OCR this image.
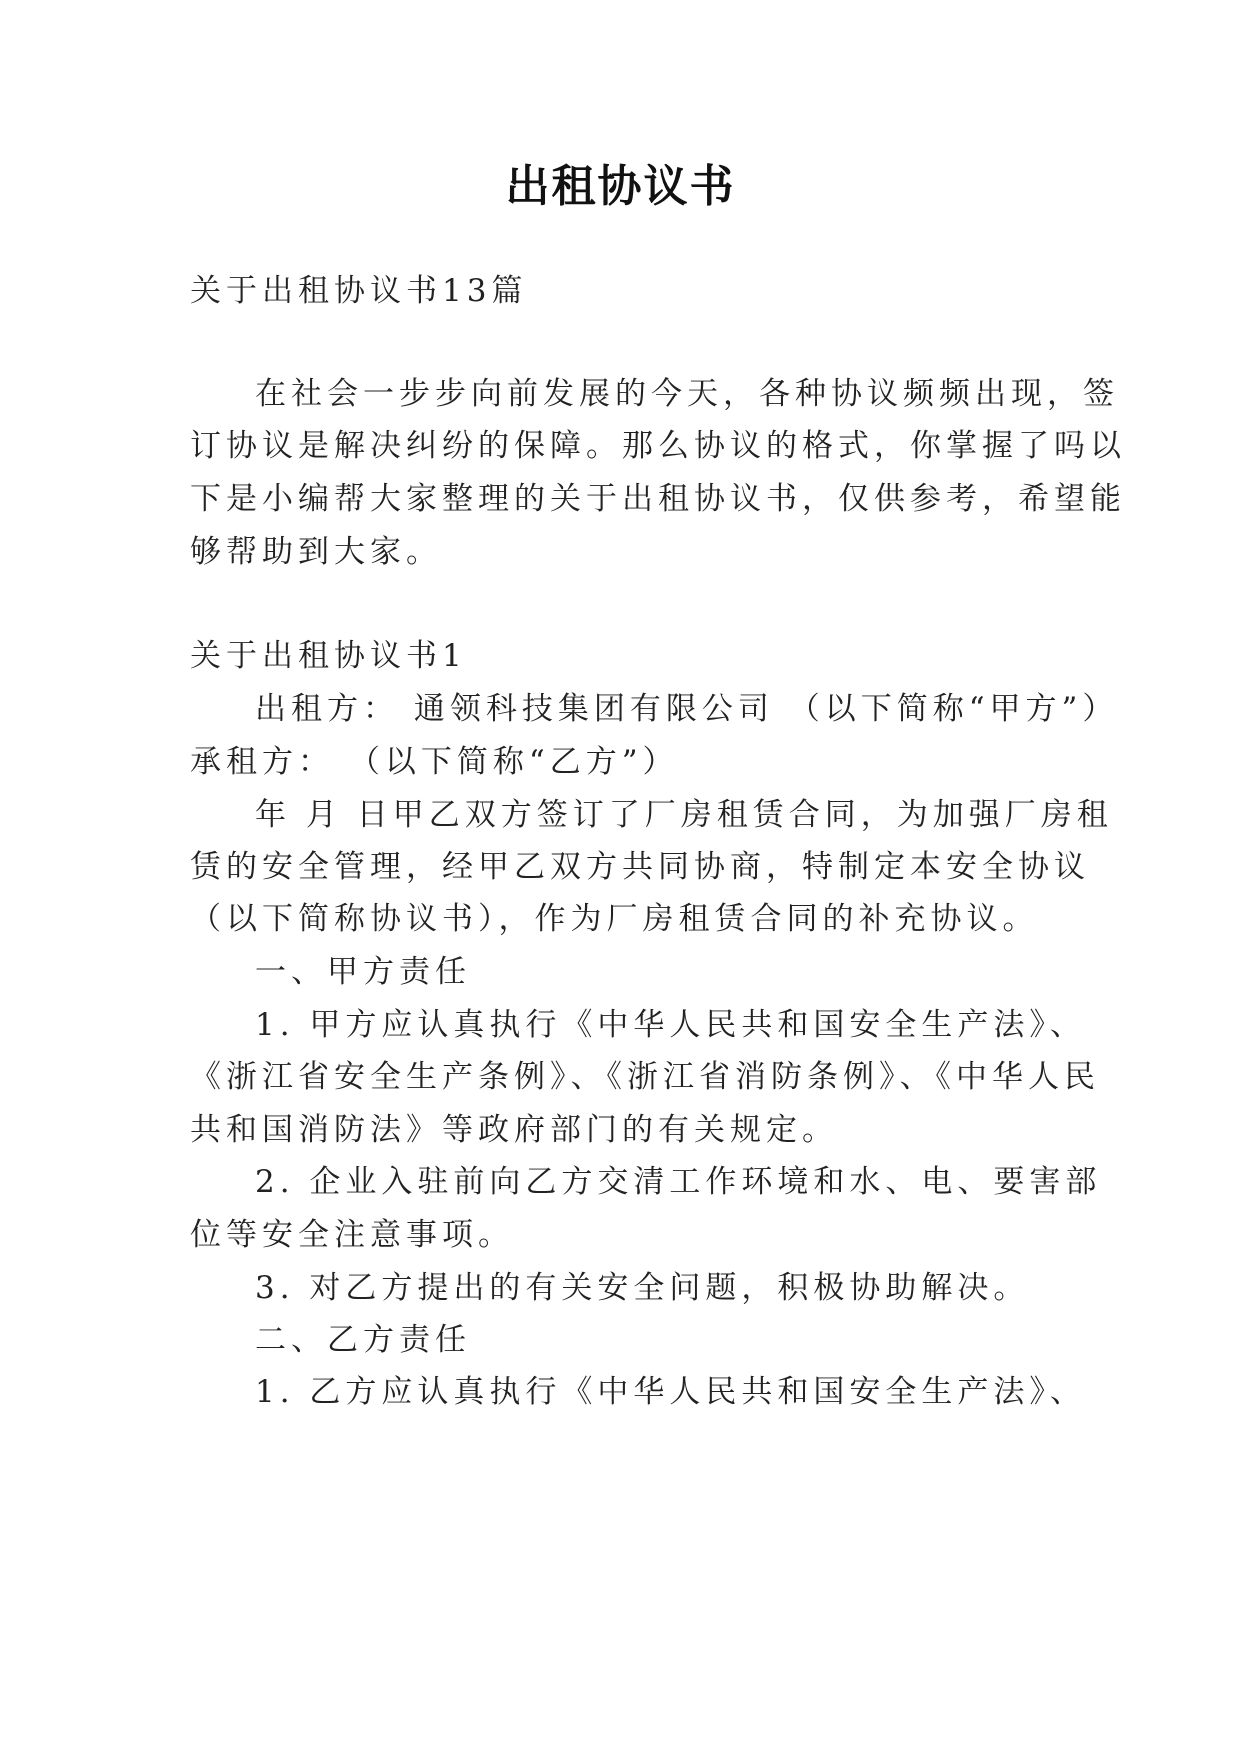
出租协议书
关于出租协议书13篇
在社会一步步向前发展的今天，各种协议频频出现，签
订协议是解决纠纷的保障。那么协议的格式，你掌握了吗以
下是小编帮大家整理的关于出租协议书，仅供参考，希望能
够帮助到大家。
关于出租协议书1
出租方： 通领科技集团有限公司 （以下简称“甲方”）
承租方： （以下简称“乙方”）
年 月 日甲乙双方签订了厂房租赁合同，为加强厂房租
赁的安全管理，经甲乙双方共同协商，特制定本安全协议
（以下简称协议书），作为厂房租赁合同的补充协议。
一、甲方责任
1. 甲方应认真执行《中华人民共和国安全生产法》、
《浙江省安全生产条例》、《浙江省消防条例》、《中华人民
共和国消防法》等政府部门的有关规定。
2. 企业入驻前向乙方交清工作环境和水、电、要害部
位等安全注意事项。
3. 对乙方提出的有关安全问题，积极协助解决。
二、乙方责任
1. 乙方应认真执行《中华人民共和国安全生产法》、
